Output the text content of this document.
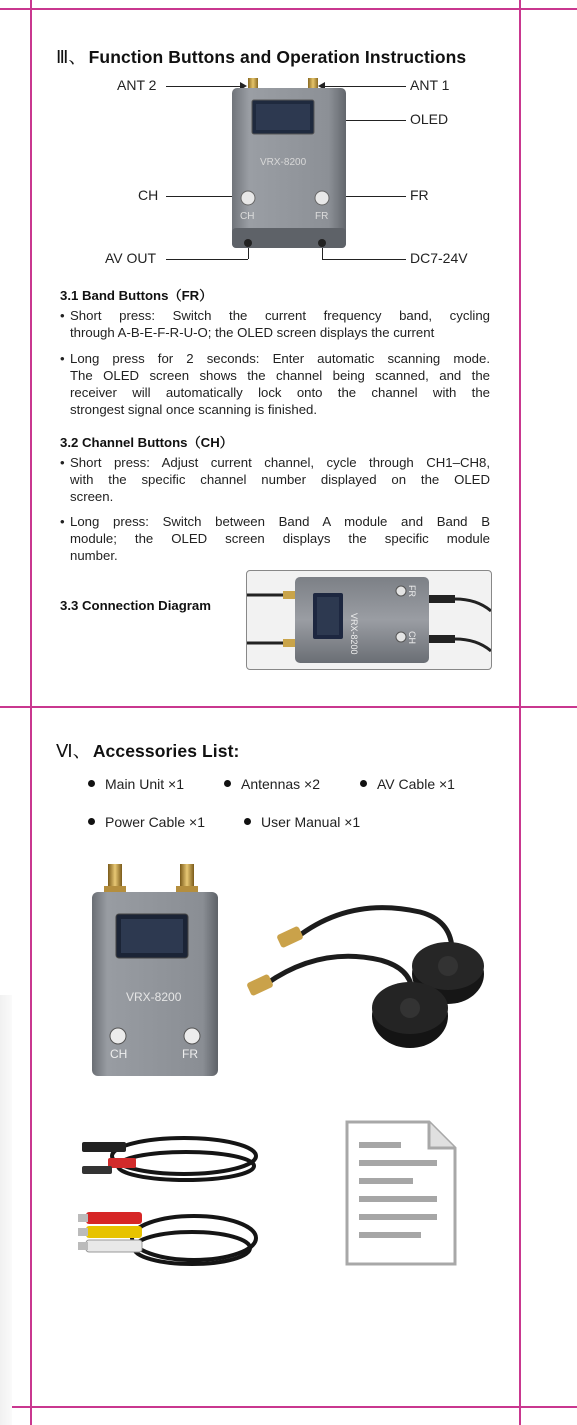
Ⅲ、 Function Buttons and Operation Instructions
ANT 2	ANT 1
OLED
CH	FR
AV OUT	DC7-24V
VRX-8200
CH	FR
3.1 Band Buttons（FR）
• Short press: Switch the current frequency band, cycling
through A-B-E-F-R-U-O; the OLED screen displays the current
• Long press for 2 seconds: Enter automatic scanning mode.
The OLED screen shows the channel being scanned, and the
receiver will automatically lock onto the channel with the
strongest signal once scanning is finished.
3.2 Channel Buttons（CH）
• Short press: Adjust current channel, cycle through CH1–CH8,
with the specific channel number displayed on the OLED
screen.
• Long press: Switch between Band A module and Band B
module; the OLED screen displays the specific module
number.
3.3 Connection Diagram
VRX-8200
FR
CH
Ⅵ、 Accessories List:
Main Unit ×1	Antennas ×2	AV Cable ×1
Power Cable ×1	User Manual ×1
VRX-8200
CH	FR
